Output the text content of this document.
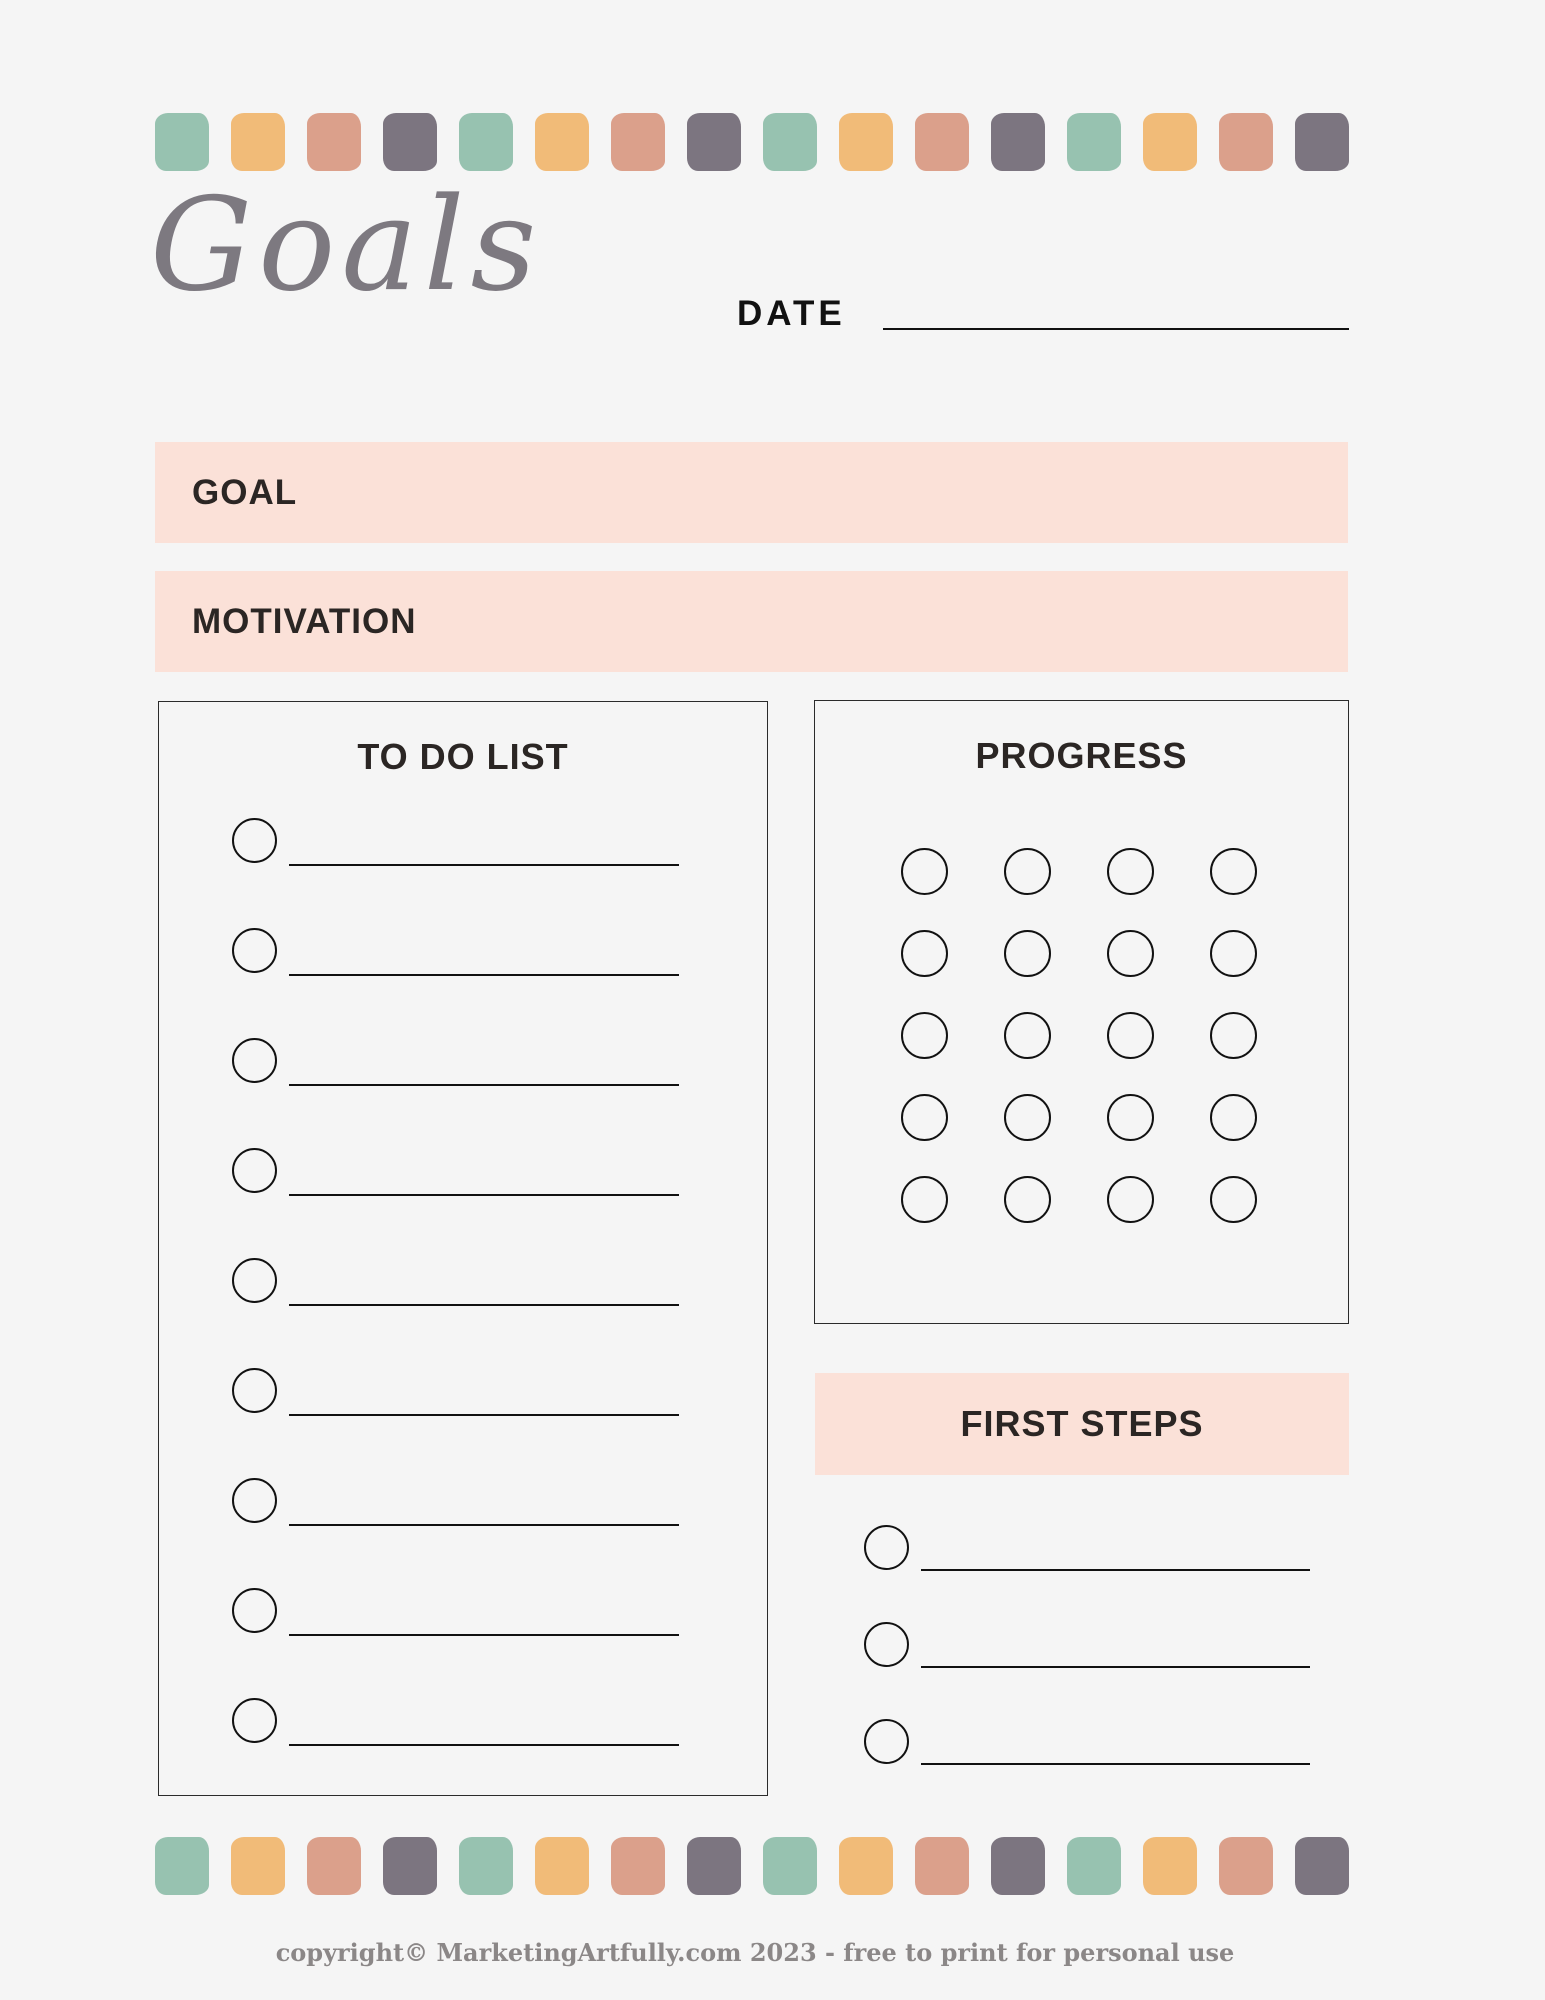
Goals	DATE
GOAL
MOTIVATION
TO DO LIST	PROGRESS
FIRST STEPS
copyright© MarketingArtfully.com 2023 - free to print for personal use
